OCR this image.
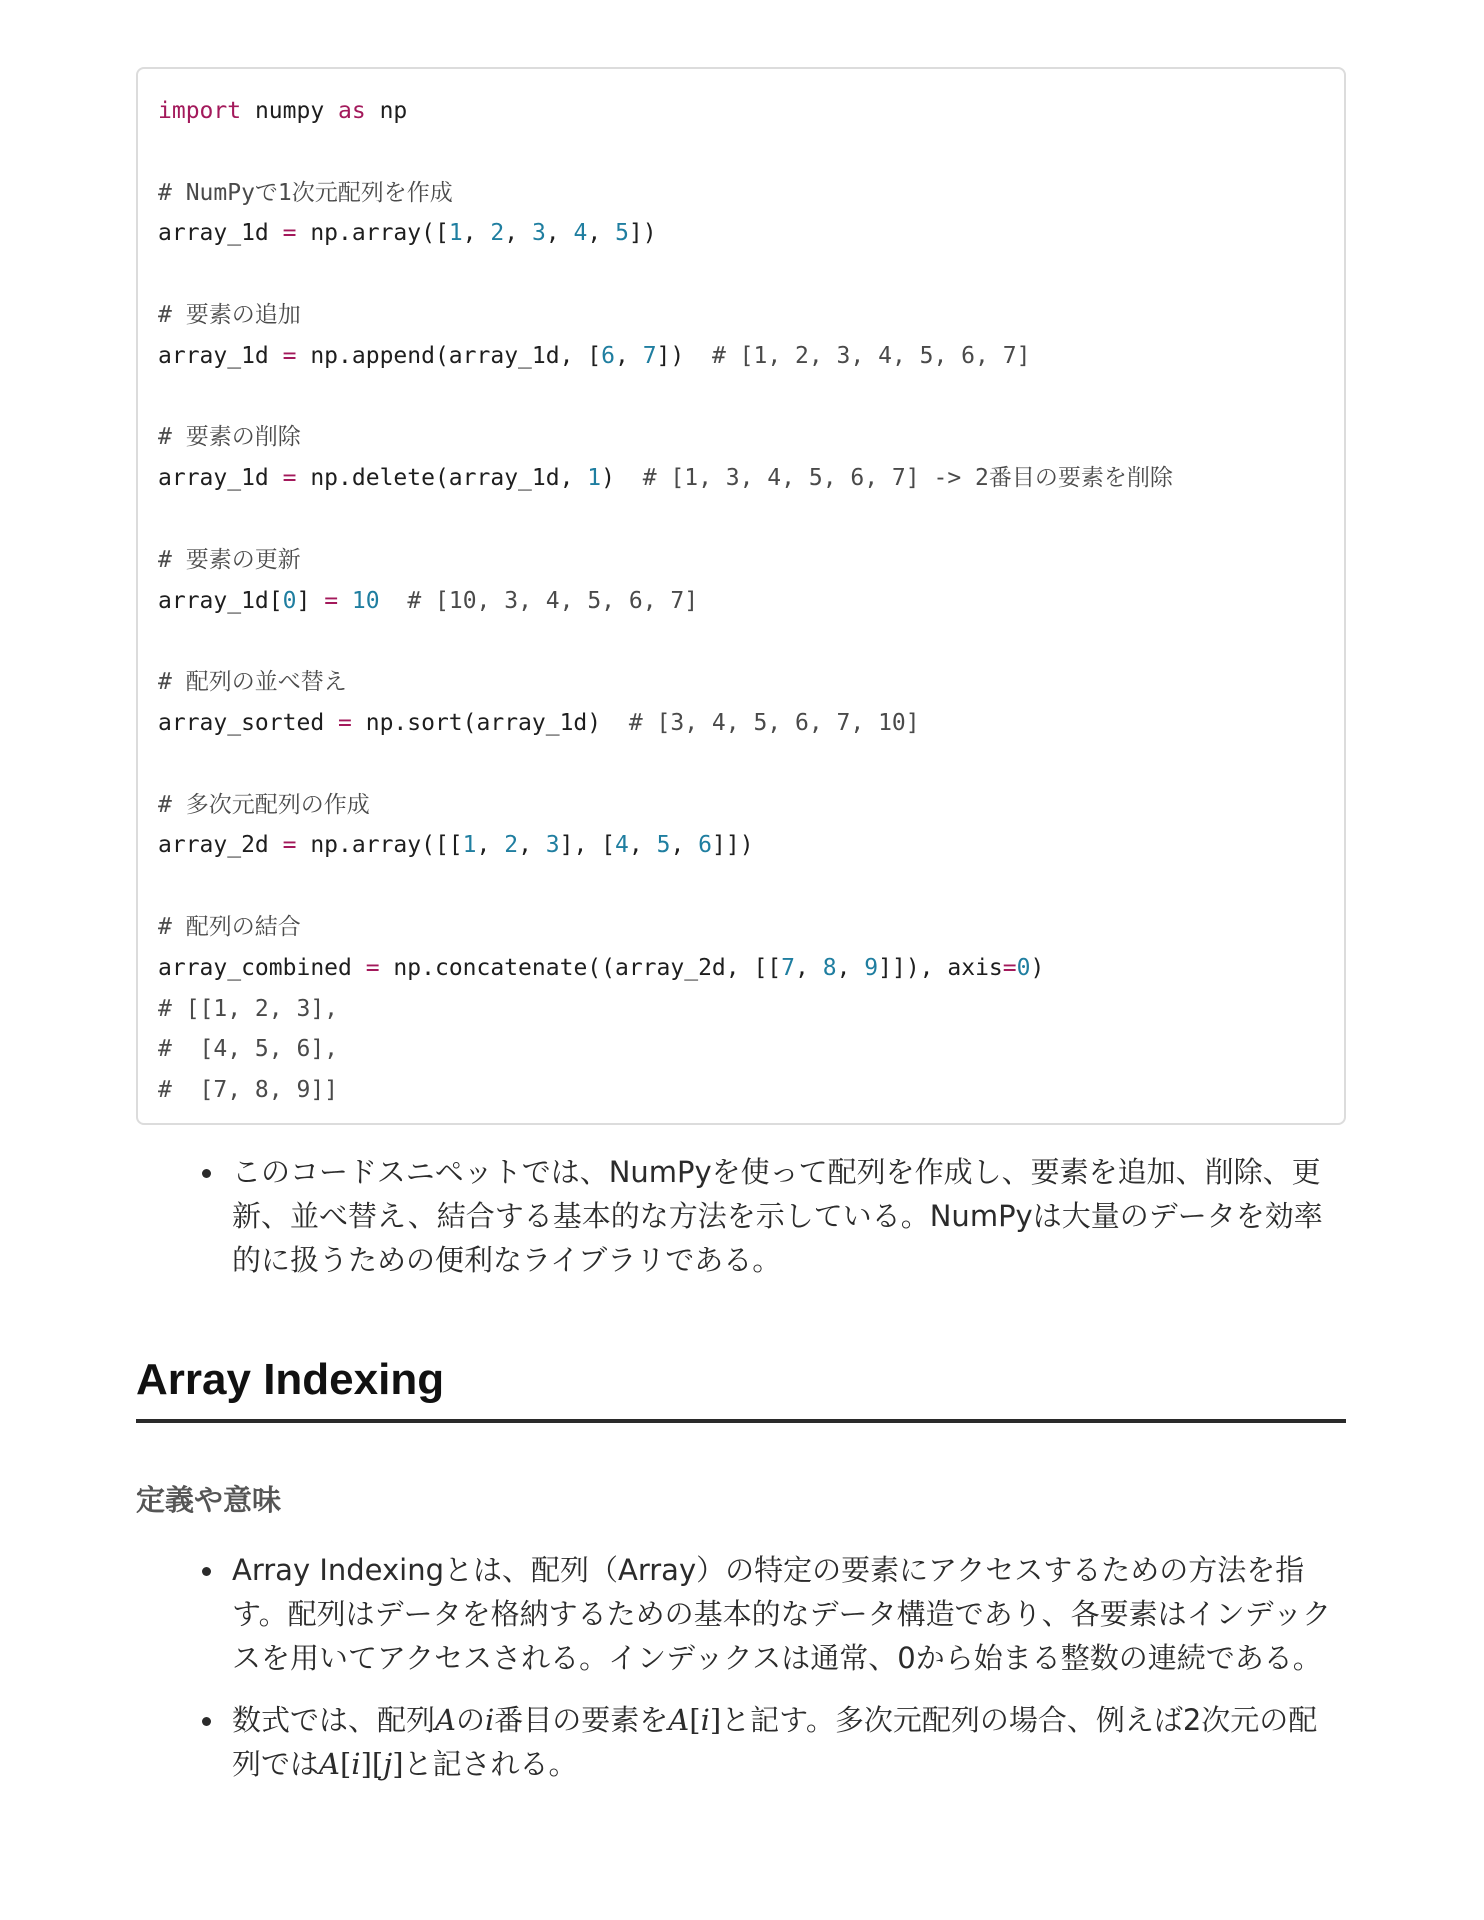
import numpy as np
# NumPyで1次元配列を作成
array_1d = np.array([1, 2, 3, 4, 5])
# 要素の追加
array_1d = np.append(array_1d, [6, 7])  # [1, 2, 3, 4, 5, 6, 7]
# 要素の削除
array_1d = np.delete(array_1d, 1)  # [1, 3, 4, 5, 6, 7] -> 2番目の要素を削除
# 要素の更新
array_1d[0] = 10 # [10, 3, 4, 5, 6, 7]
# 配列の並べ替え
array_sorted = np.sort(array_1d)  # [3, 4, 5, 6, 7, 10]
# 多次元配列の作成
array_2d = np.array([[1, 2, 3], [4, 5, 6]])
# 配列の結合
array_combined = np.concatenate((array_2d, [[7, 8, 9]]), axis=0)
# [[1, 2, 3],
#  [4, 5, 6],
#  [7, 8, 9]]
このコードスニペットでは、NumPyを使って配列を作成し、要素を追加、削除、更新、並べ替え、結合する基本的な方法を示している。NumPyは大量のデータを効率的に扱うための便利なライブラリである。
Array Indexing
定義や意味
Array Indexingとは、配列（Array）の特定の要素にアクセスするための方法を指す。配列はデータを格納するための基本的なデータ構造であり、各要素はインデックスを用いてアクセスされる。インデックスは通常、0から始まる整数の連続である。
数式では、配列Aのi番目の要素をA[i]と記す。多次元配列の場合、例えば2次元の配列ではA[i][j]と記される。
